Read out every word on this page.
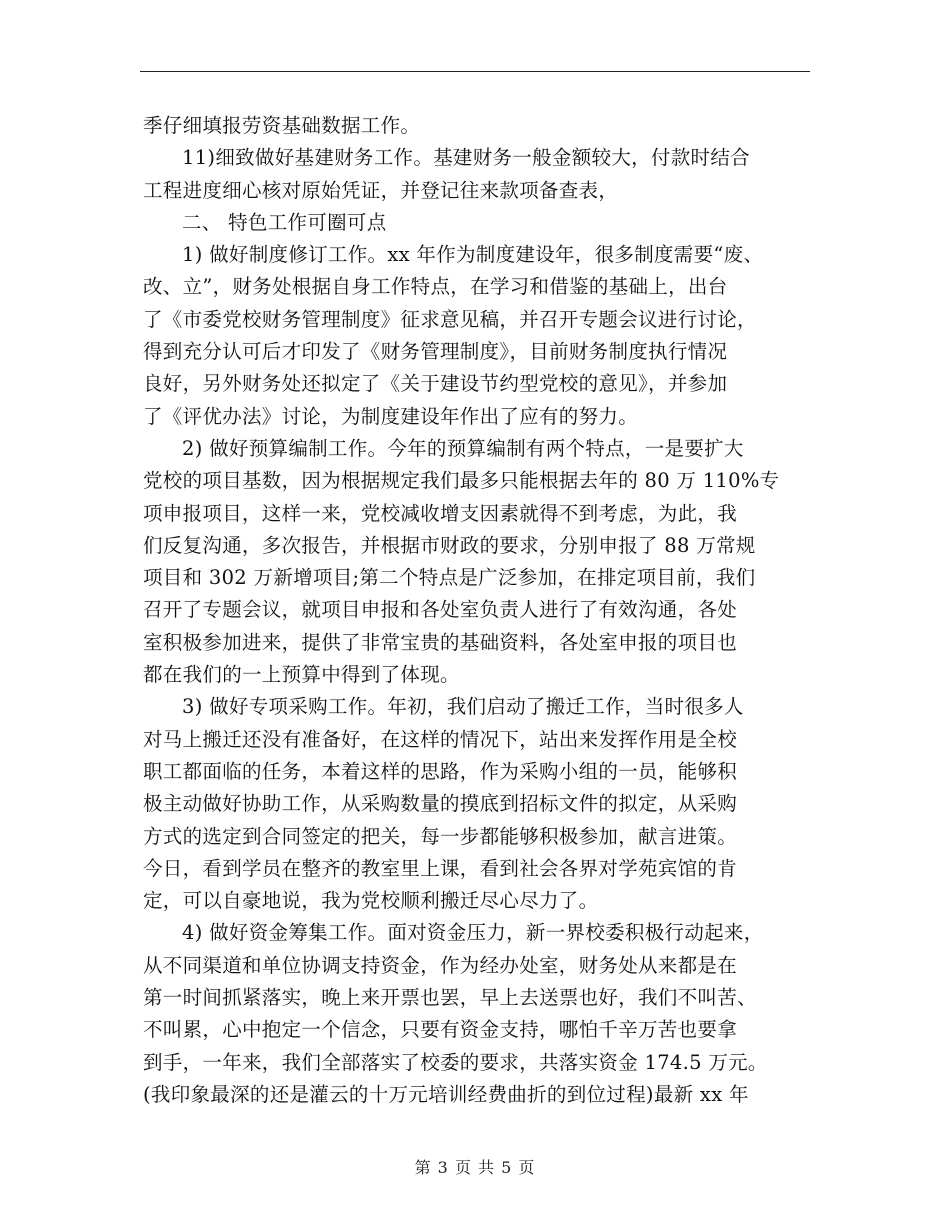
季仔细填报劳资基础数据工作。
11)细致做好基建财务工作。基建财务一般金额较大，付款时结合
工程进度细心核对原始凭证，并登记往来款项备查表，
二、 特色工作可圈可点
1) 做好制度修订工作。xx 年作为制度建设年，很多制度需要“废、
改、立”，财务处根据自身工作特点，在学习和借鉴的基础上，出台
了《市委党校财务管理制度》征求意见稿，并召开专题会议进行讨论，
得到充分认可后才印发了《财务管理制度》，目前财务制度执行情况
良好，另外财务处还拟定了《关于建设节约型党校的意见》，并参加
了《评优办法》讨论，为制度建设年作出了应有的努力。
2) 做好预算编制工作。今年的预算编制有两个特点，一是要扩大
党校的项目基数，因为根据规定我们最多只能根据去年的 80 万 110%专
项申报项目，这样一来，党校减收增支因素就得不到考虑，为此，我
们反复沟通，多次报告，并根据市财政的要求，分别申报了 88 万常规
项目和 302 万新增项目;第二个特点是广泛参加，在排定项目前，我们
召开了专题会议，就项目申报和各处室负责人进行了有效沟通，各处
室积极参加进来，提供了非常宝贵的基础资料，各处室申报的项目也
都在我们的一上预算中得到了体现。
3) 做好专项采购工作。年初，我们启动了搬迁工作，当时很多人
对马上搬迁还没有准备好，在这样的情况下，站出来发挥作用是全校
职工都面临的任务，本着这样的思路，作为采购小组的一员，能够积
极主动做好协助工作，从采购数量的摸底到招标文件的拟定，从采购
方式的选定到合同签定的把关，每一步都能够积极参加，献言进策。
今日，看到学员在整齐的教室里上课，看到社会各界对学苑宾馆的肯
定，可以自豪地说，我为党校顺利搬迁尽心尽力了。
4) 做好资金筹集工作。面对资金压力，新一界校委积极行动起来，
从不同渠道和单位协调支持资金，作为经办处室，财务处从来都是在
第一时间抓紧落实，晚上来开票也罢，早上去送票也好，我们不叫苦、
不叫累，心中抱定一个信念，只要有资金支持，哪怕千辛万苦也要拿
到手，一年来，我们全部落实了校委的要求，共落实资金 174.5 万元。
(我印象最深的还是灌云的十万元培训经费曲折的到位过程)最新 xx 年
第 3 页 共 5 页
